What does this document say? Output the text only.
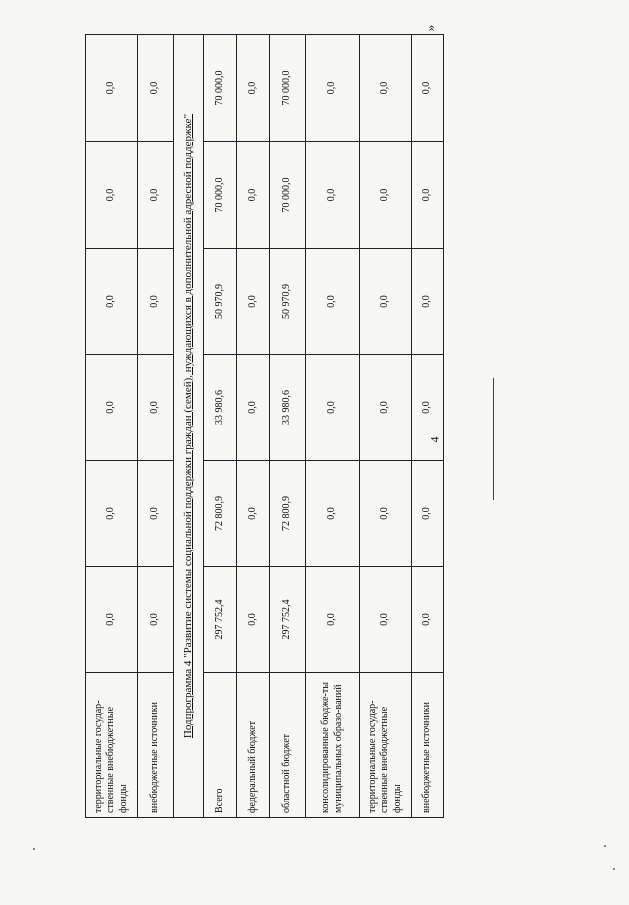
4
»
территориальные государ-ственные внебюджетные фонды	0,0	0,0	0,0	0,0	0,0	0,0
внебюджетные источники	0,0	0,0	0,0	0,0	0,0	0,0
Подпрограмма 4 "Развитие системы социальной поддержки граждан (семей), нуждающихся в дополнительной адресной поддержке"						
Всего	297 752,4	72 800,9	33 980,6	50 970,9	70 000,0	70 000,0
федеральный бюджет	0,0	0,0	0,0	0,0	0,0	0,0
областной бюджет	297 752,4	72 800,9	33 980,6	50 970,9	70 000,0	70 000,0
консолидированные бюдже-ты муниципальных образо-ваний	0,0	0,0	0,0	0,0	0,0	0,0
территориальные государ-ственные внебюджетные фонды	0,0	0,0	0,0	0,0	0,0	0,0
внебюджетные источники	0,0	0,0	0,0	0,0	0,0	0,0
